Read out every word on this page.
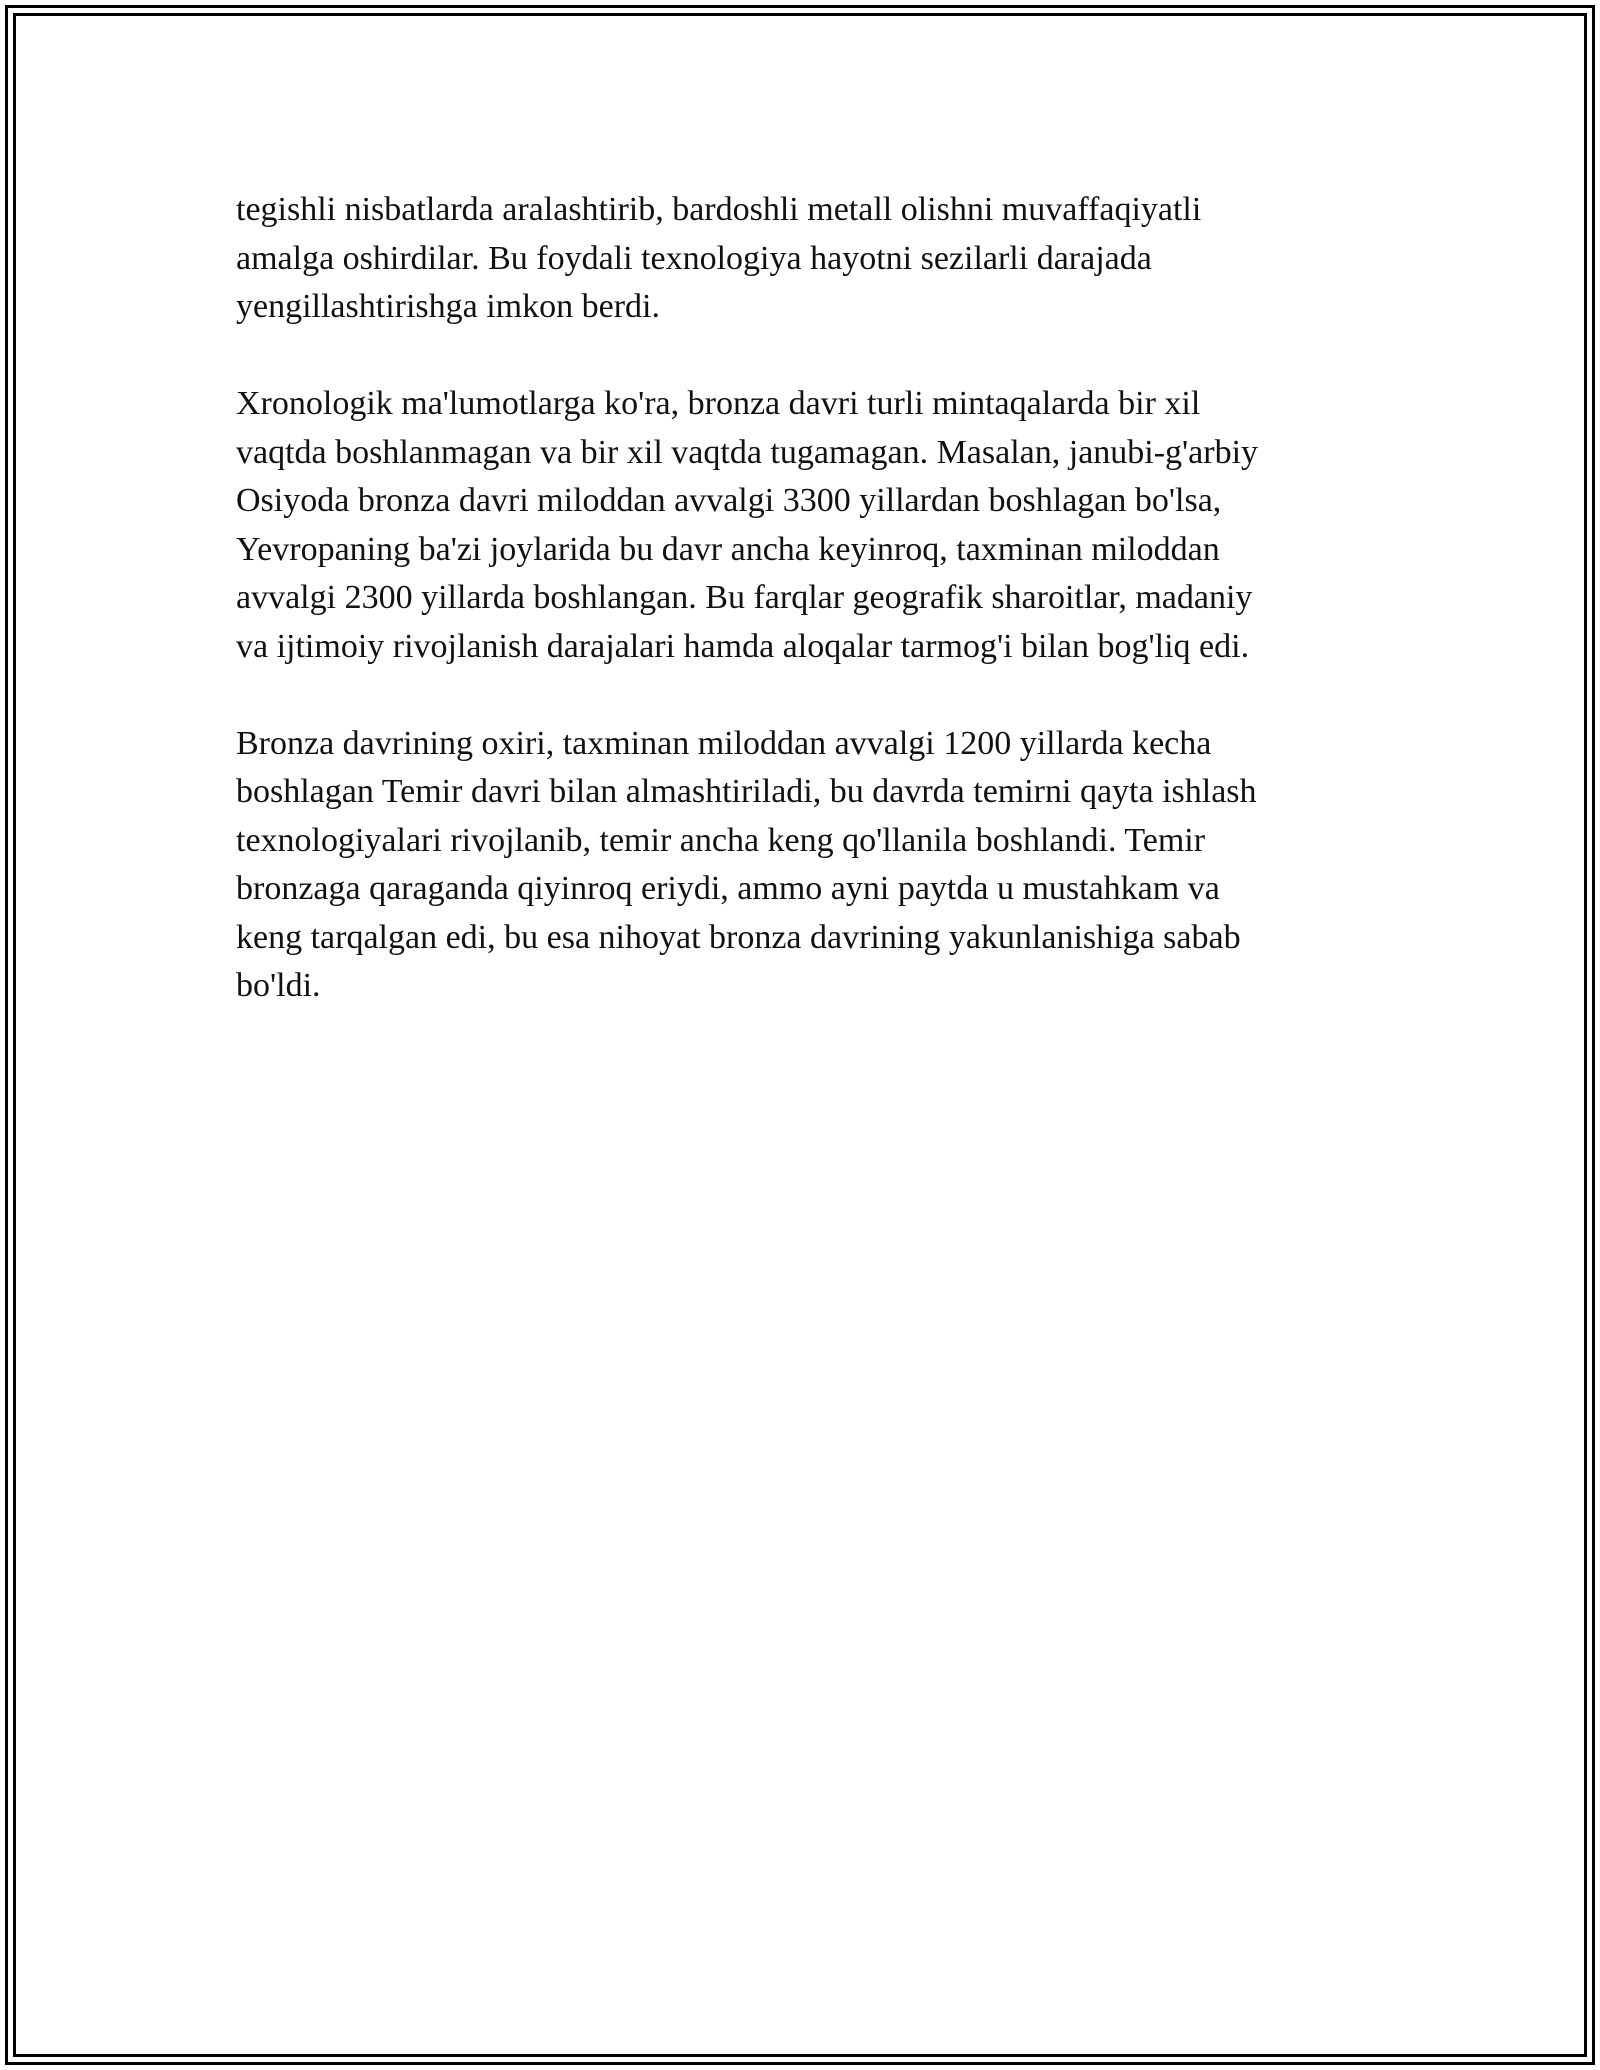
tegishli nisbatlarda aralashtirib, bardoshli metall olishni muvaffaqiyatli
amalga oshirdilar. Bu foydali texnologiya hayotni sezilarli darajada
yengillashtirishga imkon berdi.

Xronologik ma'lumotlarga ko'ra, bronza davri turli mintaqalarda bir xil
vaqtda boshlanmagan va bir xil vaqtda tugamagan. Masalan, janubi-g'arbiy
Osiyoda bronza davri miloddan avvalgi 3300 yillardan boshlagan bo'lsa,
Yevropaning ba'zi joylarida bu davr ancha keyinroq, taxminan miloddan
avvalgi 2300 yillarda boshlangan. Bu farqlar geografik sharoitlar, madaniy
va ijtimoiy rivojlanish darajalari hamda aloqalar tarmog'i bilan bog'liq edi.

Bronza davrining oxiri, taxminan miloddan avvalgi 1200 yillarda kecha
boshlagan Temir davri bilan almashtiriladi, bu davrda temirni qayta ishlash
texnologiyalari rivojlanib, temir ancha keng qo'llanila boshlandi. Temir
bronzaga qaraganda qiyinroq eriydi, ammo ayni paytda u mustahkam va
keng tarqalgan edi, bu esa nihoyat bronza davrining yakunlanishiga sabab
bo'ldi.
